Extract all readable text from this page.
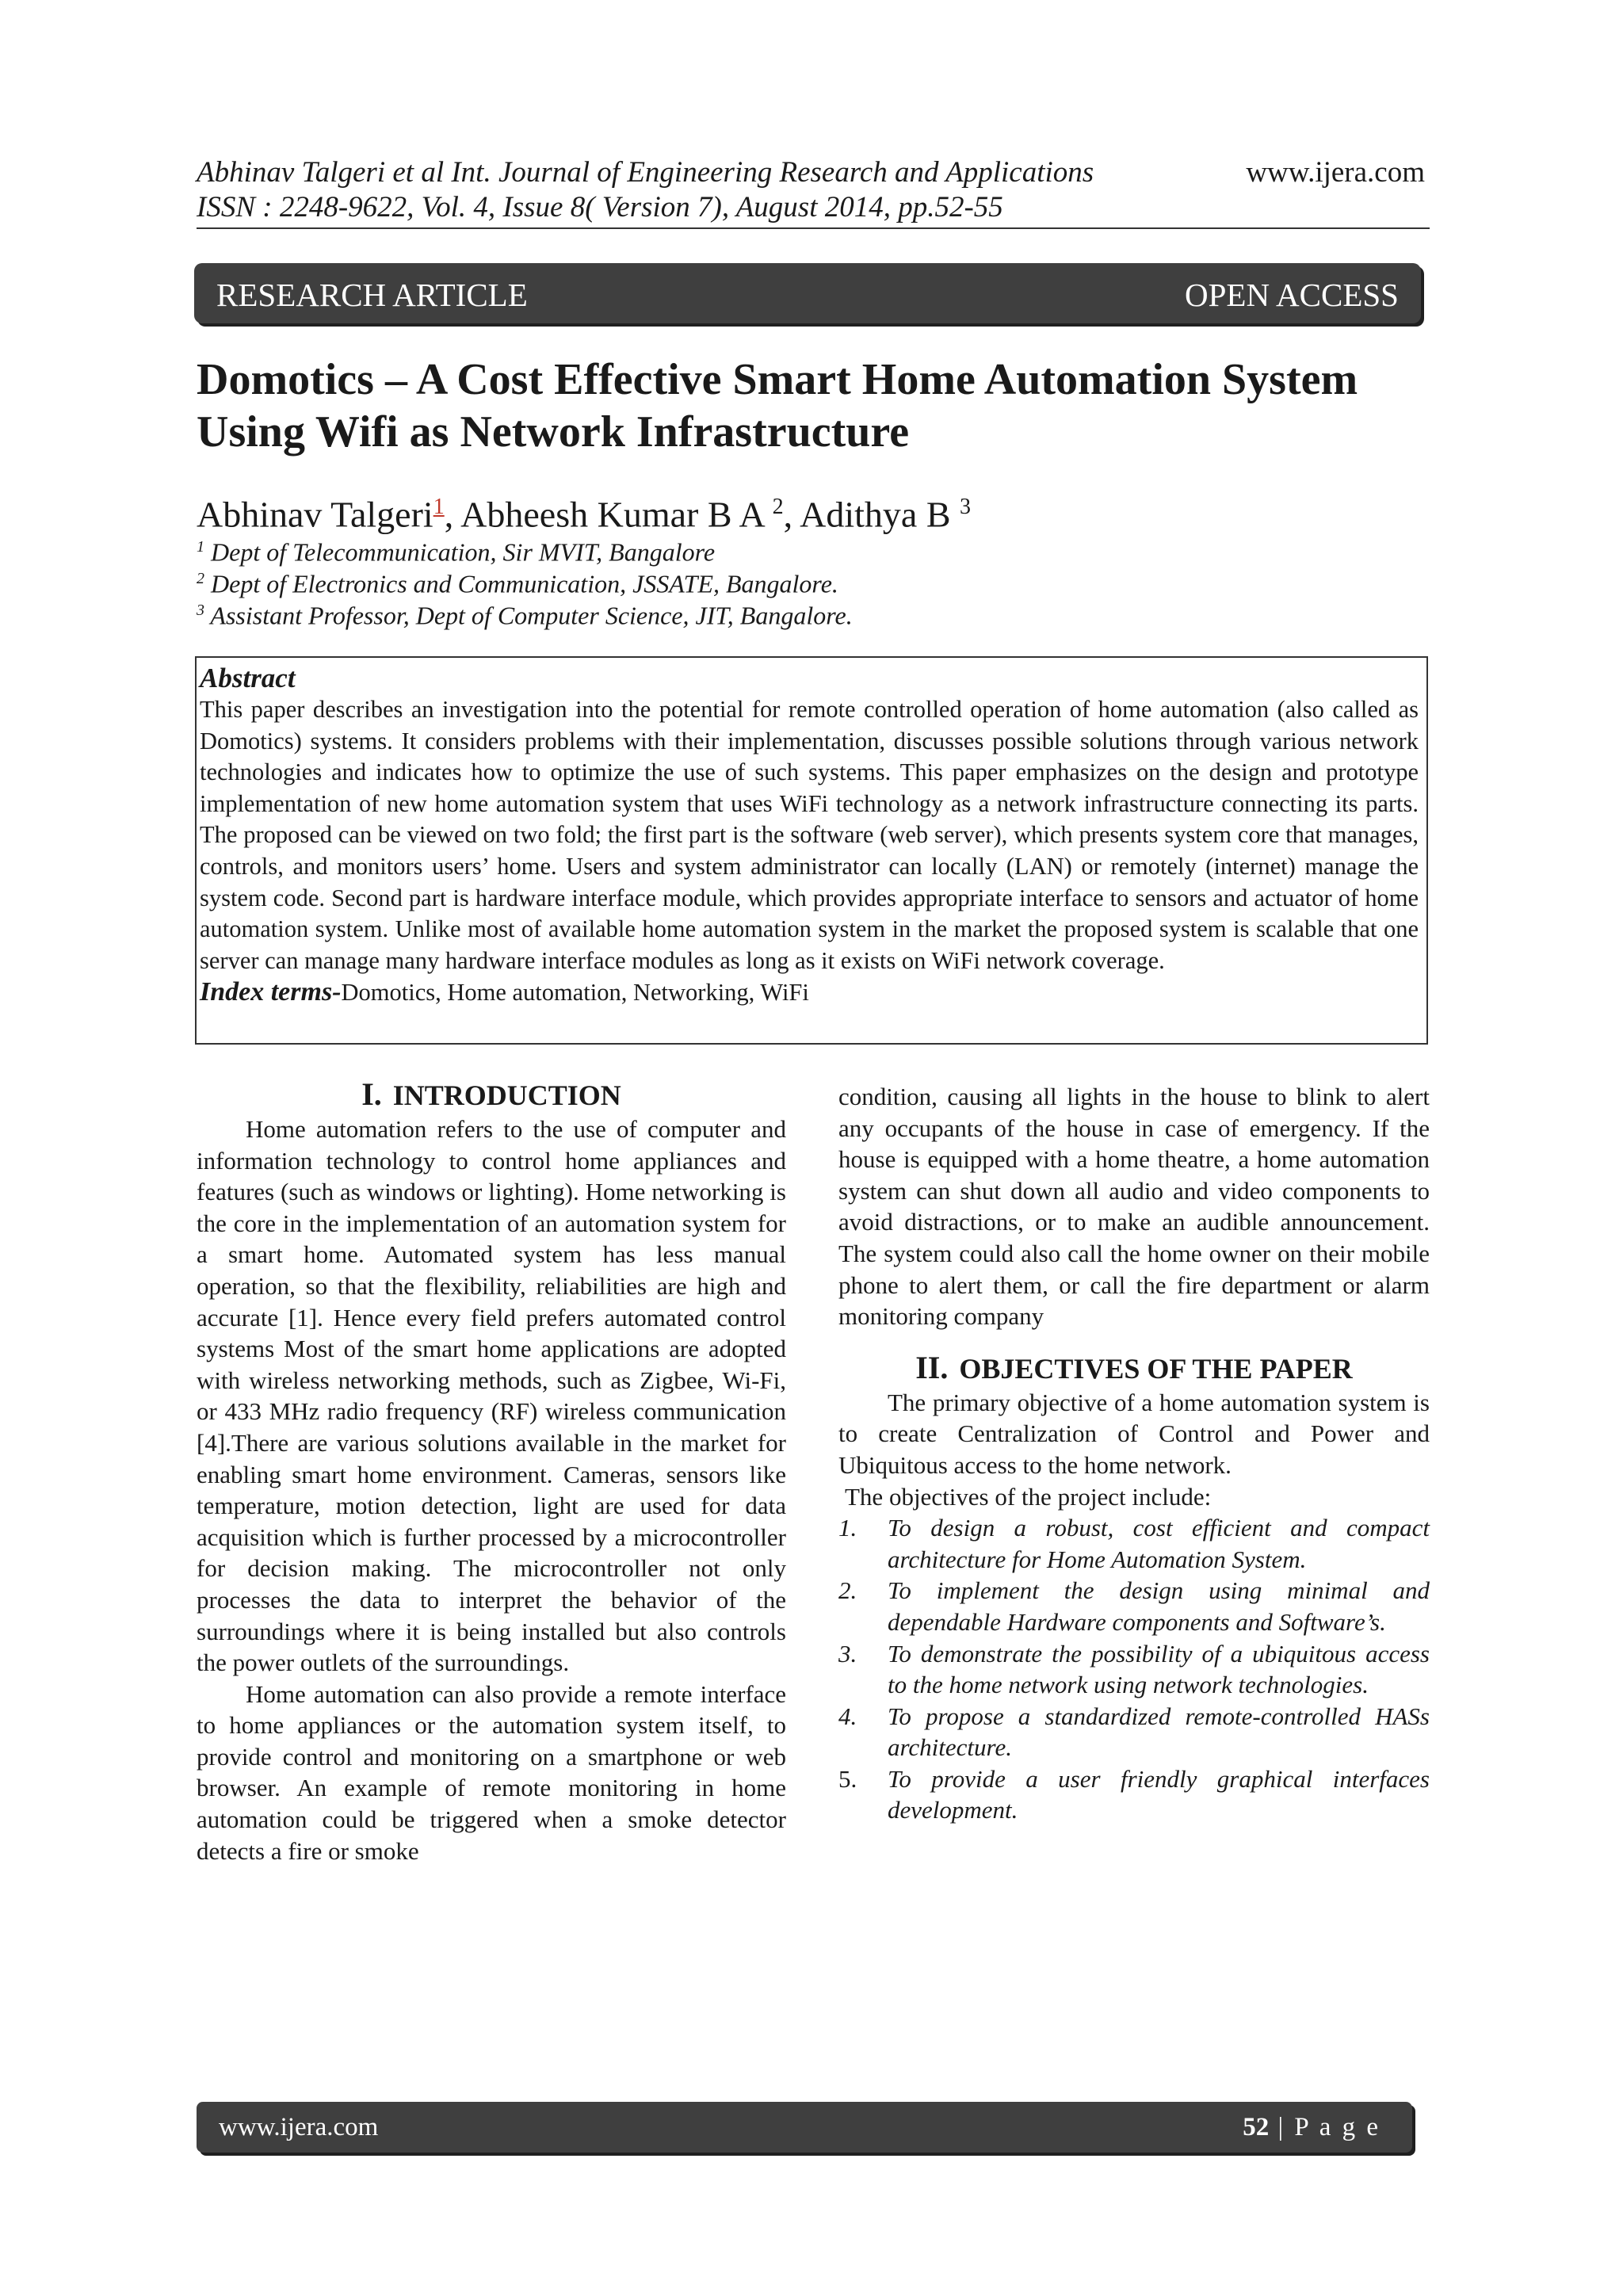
Abhinav Talgeri et al Int. Journal of Engineering Research and Applications
ISSN : 2248-9622, Vol. 4, Issue 8( Version 7), August 2014, pp.52-55
www.ijera.com
RESEARCH ARTICLE	OPEN ACCESS
Domotics – A Cost Effective Smart Home Automation System
Using Wifi as Network Infrastructure
Abhinav Talgeri$^1$, Abheesh Kumar B A $^2$, Adithya B $^3$
$^1$ Dept of Telecommunication, Sir MVIT, Bangalore
$^2$ Dept of Electronics and Communication, JSSATE, Bangalore.
$^3$ Assistant Professor, Dept of Computer Science, JIT, Bangalore.
Abstract

This paper describes an investigation into the potential for remote controlled operation of home automation (also called as Domotics) systems. It considers problems with their implementation, discusses possible solutions through various network technologies and indicates how to optimize the use of such systems. This paper emphasizes on the design and prototype implementation of new home automation system that uses WiFi technology as a network infrastructure connecting its parts. The proposed can be viewed on two fold; the first part is the software (web server), which presents system core that manages, controls, and monitors users’ home. Users and system administrator can locally (LAN) or remotely (internet) manage the system code. Second part is hardware interface module, which provides appropriate interface to sensors and actuator of home automation system. Unlike most of available home automation system in the market the proposed system is scalable that one server can manage many hardware interface modules as long as it exists on WiFi network coverage.

Index terms-Domotics, Home automation, Networking, WiFi
I. INTRODUCTION

Home automation refers to the use of computer and information technology to control home appliances and features (such as windows or lighting). Home networking is the core in the implementation of an automation system for a smart home. Automated system has less manual operation, so that the flexibility, reliabilities are high and accurate [1]. Hence every field prefers automated control systems Most of the smart home applications are adopted with wireless networking methods, such as Zigbee, Wi-Fi, or 433 MHz radio frequency (RF) wireless communication [4].There are various solutions available in the market for enabling smart home environment. Cameras, sensors like temperature, motion detection, light are used for data acquisition which is further processed by a microcontroller for decision making. The microcontroller not only processes the data to interpret the behavior of the surroundings where it is being installed but also controls the power outlets of the surroundings.

Home automation can also provide a remote interface to home appliances or the automation system itself, to provide control and monitoring on a smartphone or web browser. An example of remote monitoring in home automation could be triggered when a smoke detector detects a fire or smoke

condition, causing all lights in the house to blink to alert any occupants of the house in case of emergency. If the house is equipped with a home theatre, a home automation system can shut down all audio and video components to avoid distractions, or to make an audible announcement. The system could also call the home owner on their mobile phone to alert them, or call the fire department or alarm monitoring company

II. OBJECTIVES OF THE PAPER

The primary objective of a home automation system is to create Centralization of Control and Power and Ubiquitous access to the home network.

The objectives of the project include:

1. To design a robust, cost efficient and compact architecture for Home Automation System.
2. To implement the design using minimal and dependable Hardware components and Software’s.
3. To demonstrate the possibility of a ubiquitous access to the home network using network technologies.
4. To propose a standardized remote-controlled HASs architecture.
5. To provide a user friendly graphical interfaces development.
www.ijera.com	52 | P a g e
